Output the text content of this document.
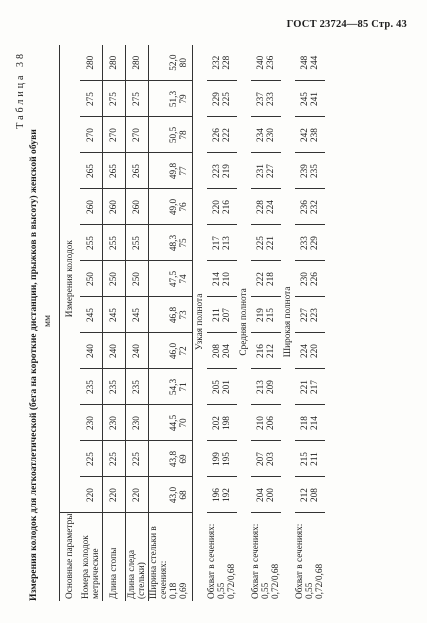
ГОСТ 23724—85 Стр. 43
Таблица 38
Измерения колодок для легкоатлетической (бега на короткие дистанции, прыжков в высоту) женской обуви мм
Основные параметры	Измерения колодок												
Номера колодок метрические	220	225	230	235	240	245	250	255	260	265	270	275	280
Длина стопы	220	225	230	235	240	245	250	255	260	265	270	275	280
Длина следа (стельки)	220	225	230	235	240	245	250	255	260	265	270	275	280

Ширина стельки в сечениях: 0,18 0,69	43,0 68	43,8 69	44,5 70	54,3 71	46,0 72	46,8 73	47,5 74	48,3 75	49,0 76	49,8 77	50,5 78	51,3 79	52,0 80

Узкая полнота													

Обхват в сечениях: 0,55 0,72/0,68	196 192	199 195	202 198	205 201	208 204	211 207	214 210	217 213	220 216	223 219	226 222	229 225	232 228

Средняя полнота													

Обхват в сечениях: 0,55 0,72/0,68	204 200	207 203	210 206	213 209	216 212	219 215	222 218	225 221	228 224	231 227	234 230	237 233	240 236

Широкая полнота													

Обхват в сечениях: 0,55 0,72/0,68	212 208	215 211	218 214	221 217	224 220	227 223	230 226	233 229	236 232	239 235	242 238	245 241	248 244
